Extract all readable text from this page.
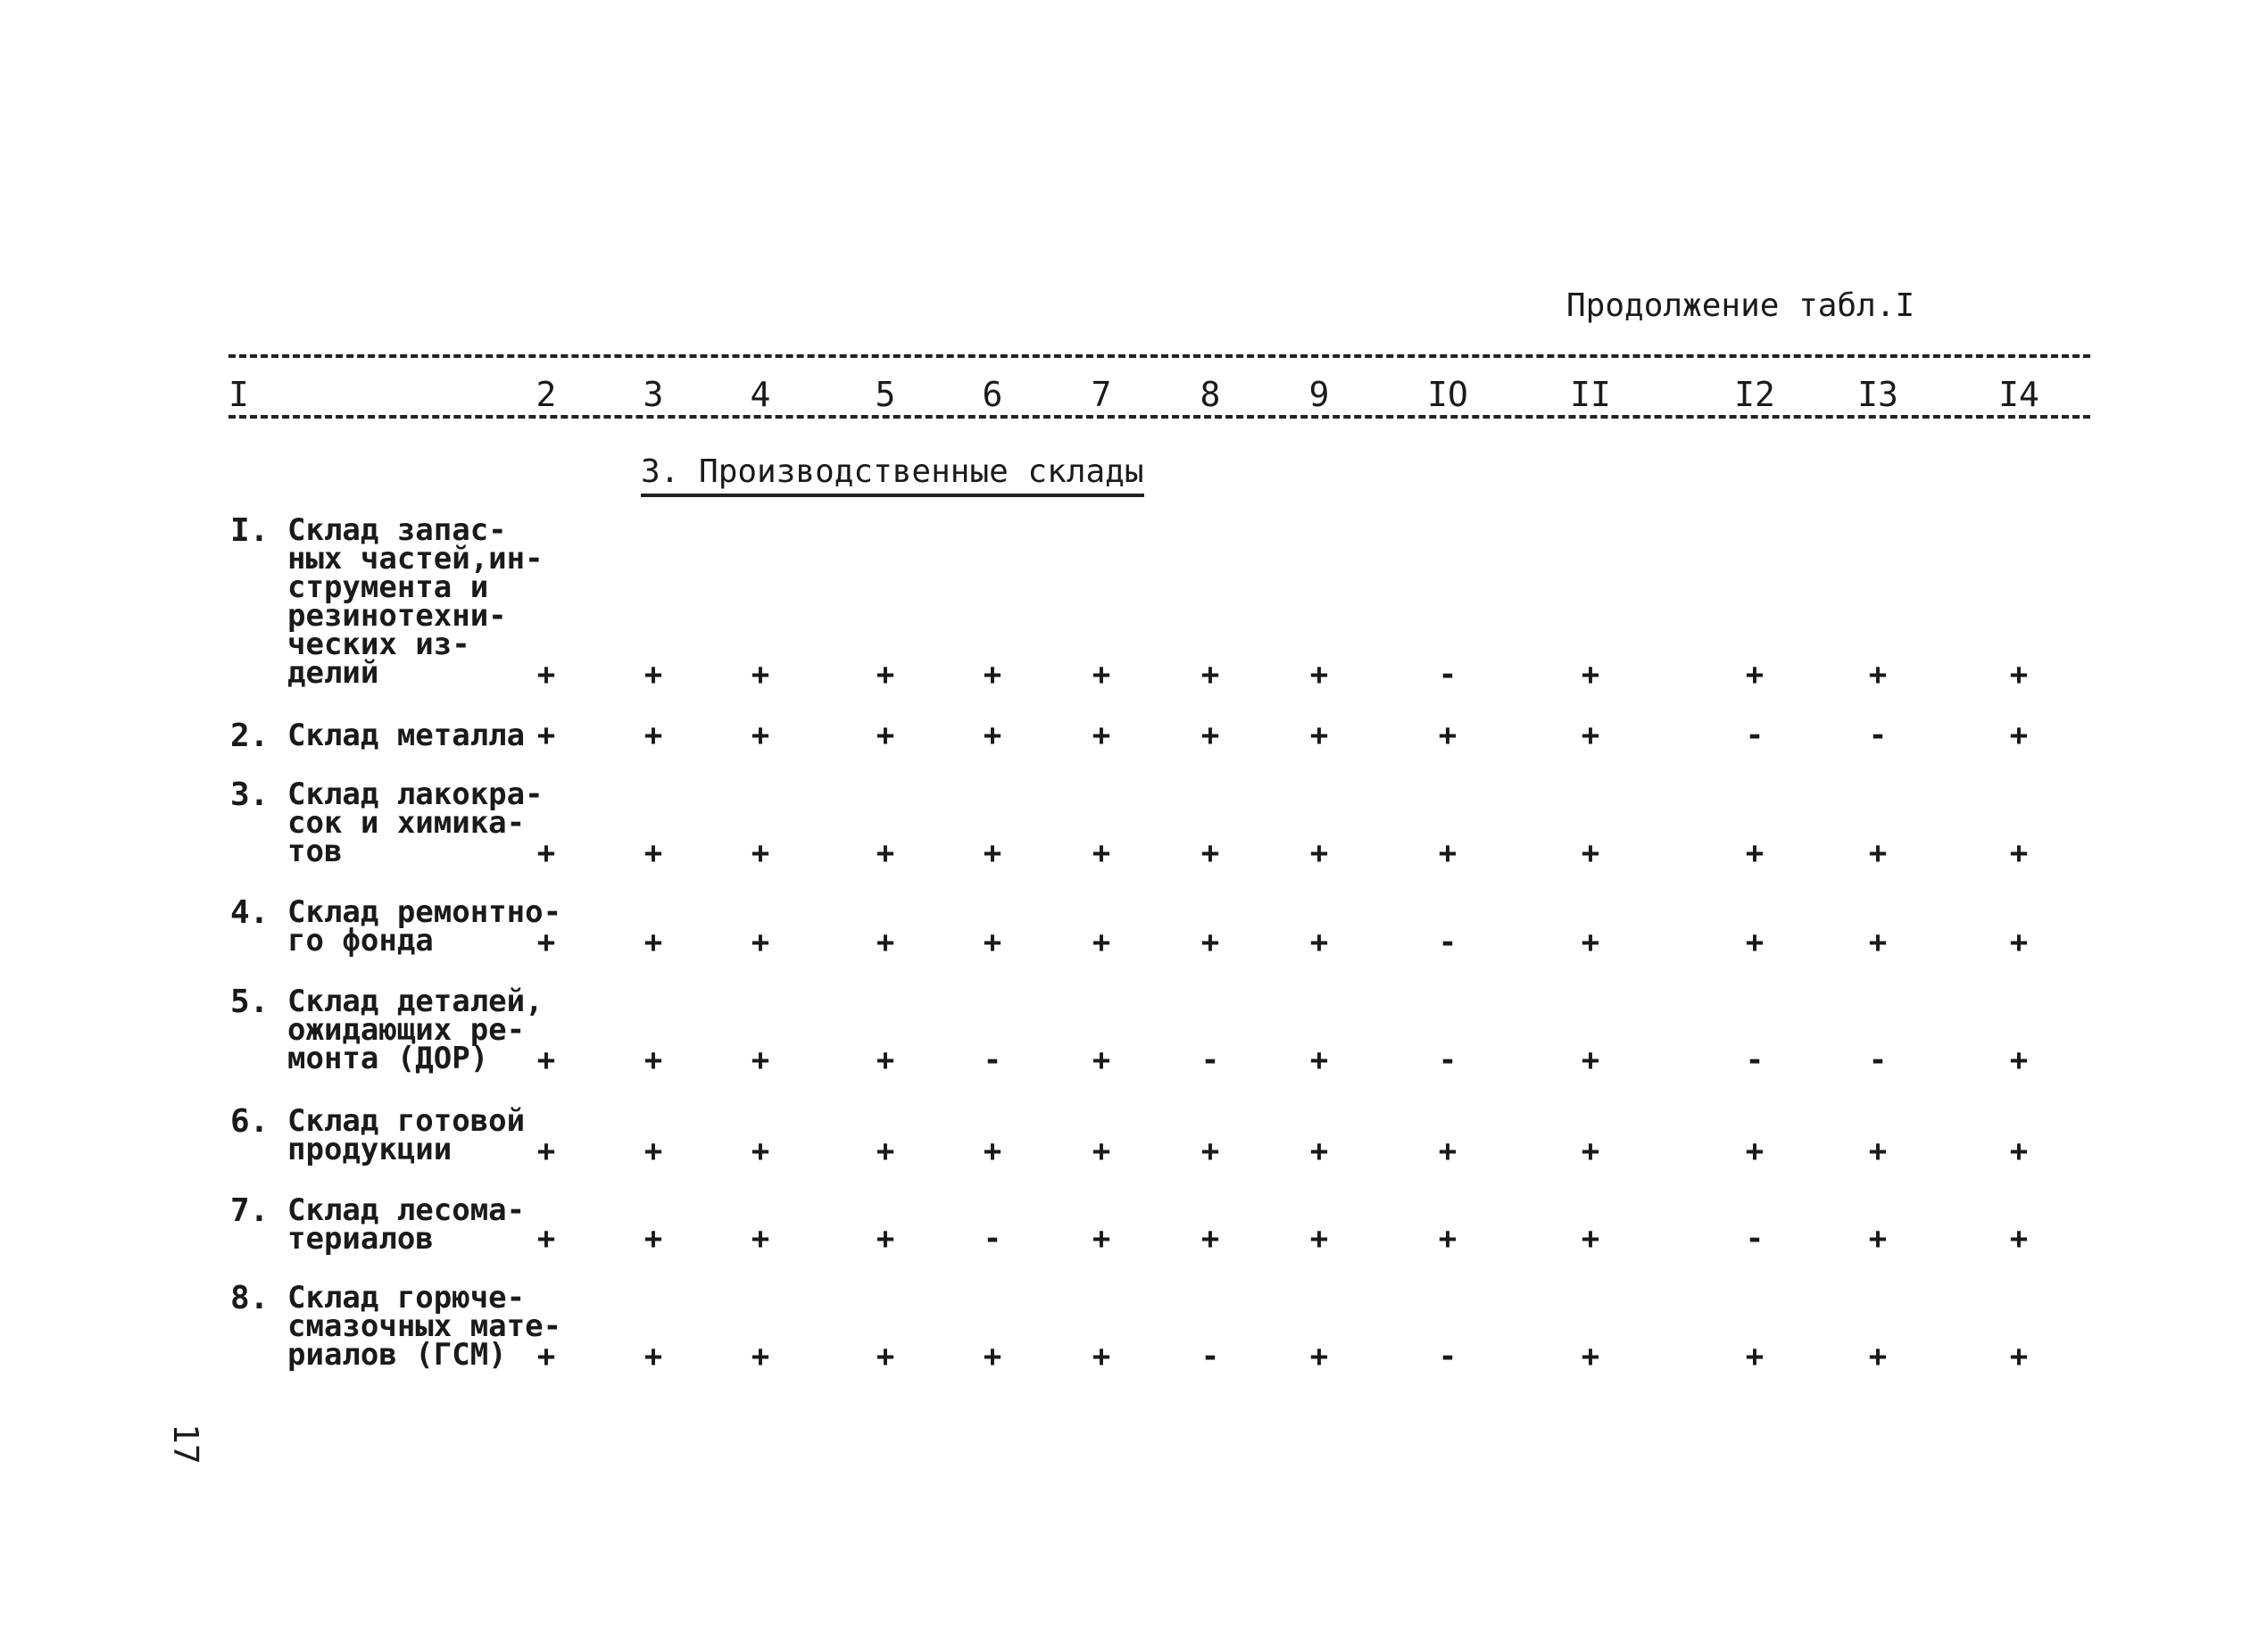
Продолжение табл.I
I	2	3	4	5	6	7	8	9	IO	II	I2 I3	I4
3. Производственные склады
I. Склад запас-
ных частей,ин-
струмента и
резинотехни-
ческих из-
делий	+	+	+	+	+	+	+	+	-	+	+	+	+
2. Склад металла +	+	+	+	+	+	+	+	+	+	-	-	+
3. Склад лакокра-
сок и химика-
тов	+	+	+	+	+	+	+	+	+	+	+	+	+
4. Склад ремонтно-
го фонда	+	+	+	+	+	+	+	+	-	+	+	+	+
5. Склад деталей,
ожидающих ре-
монта (ДОР)	+	+	+	+	-	+	-	+	-	+	-	-	+
6. Склад готовой
продукции	+	+	+	+	+	+	+	+	+	+	+	+	+
7. Склад лесома-
териалов	+	+	+	+	-	+	+	+	+	+	-	+	+
8. Склад горюче-
смазочных мате-
риалов (ГСМ)	+	+	+	+	+	+	-	+	-	+	+	+	+
17
